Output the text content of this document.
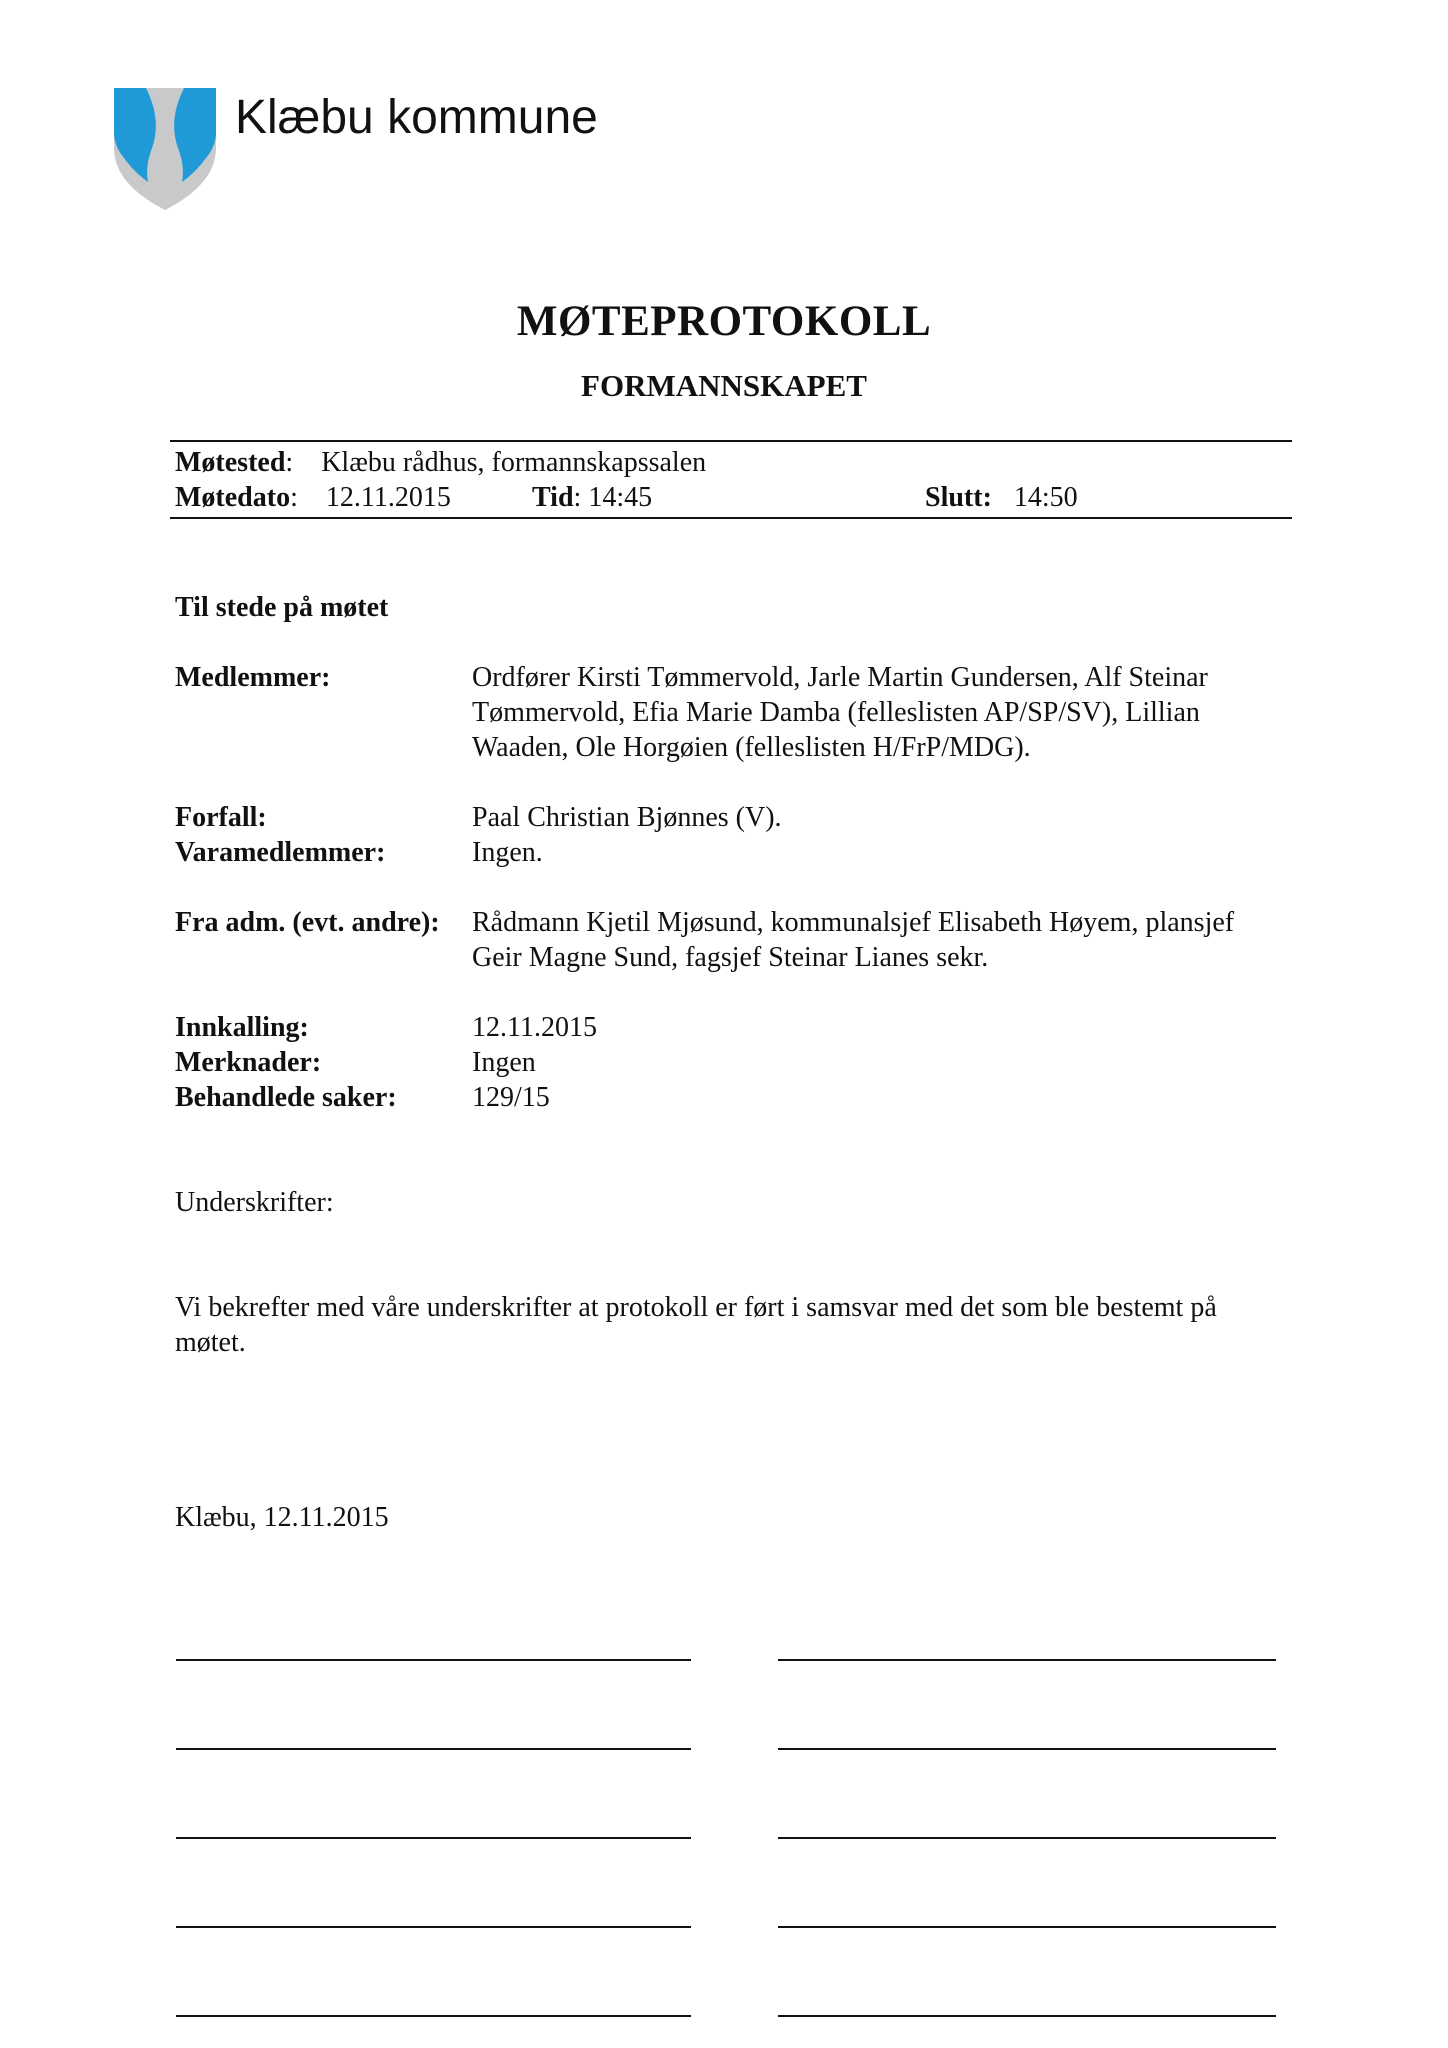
Klæbu kommune
MØTEPROTOKOLL
FORMANNSKAPET
Møtested: Klæbu rådhus, formannskapssalen
Møtedato: 12.11.2015	Tid: 14:45	Slutt: 14:50
Til stede på møtet
Medlemmer:	Ordfører Kirsti Tømmervold, Jarle Martin Gundersen, Alf Steinar
Tømmervold, Efia Marie Damba (felleslisten AP/SP/SV), Lillian
Waaden, Ole Horgøien (felleslisten H/FrP/MDG).
Forfall:	Paal Christian Bjønnes (V).
Varamedlemmer:	Ingen.
Fra adm. (evt. andre): Rådmann Kjetil Mjøsund, kommunalsjef Elisabeth Høyem, plansjef
Geir Magne Sund, fagsjef Steinar Lianes sekr.
Innkalling:	12.11.2015
Merknader:	Ingen
Behandlede saker:	129/15
Underskrifter:
Vi bekrefter med våre underskrifter at protokoll er ført i samsvar med det som ble bestemt på
møtet.
Klæbu, 12.11.2015
